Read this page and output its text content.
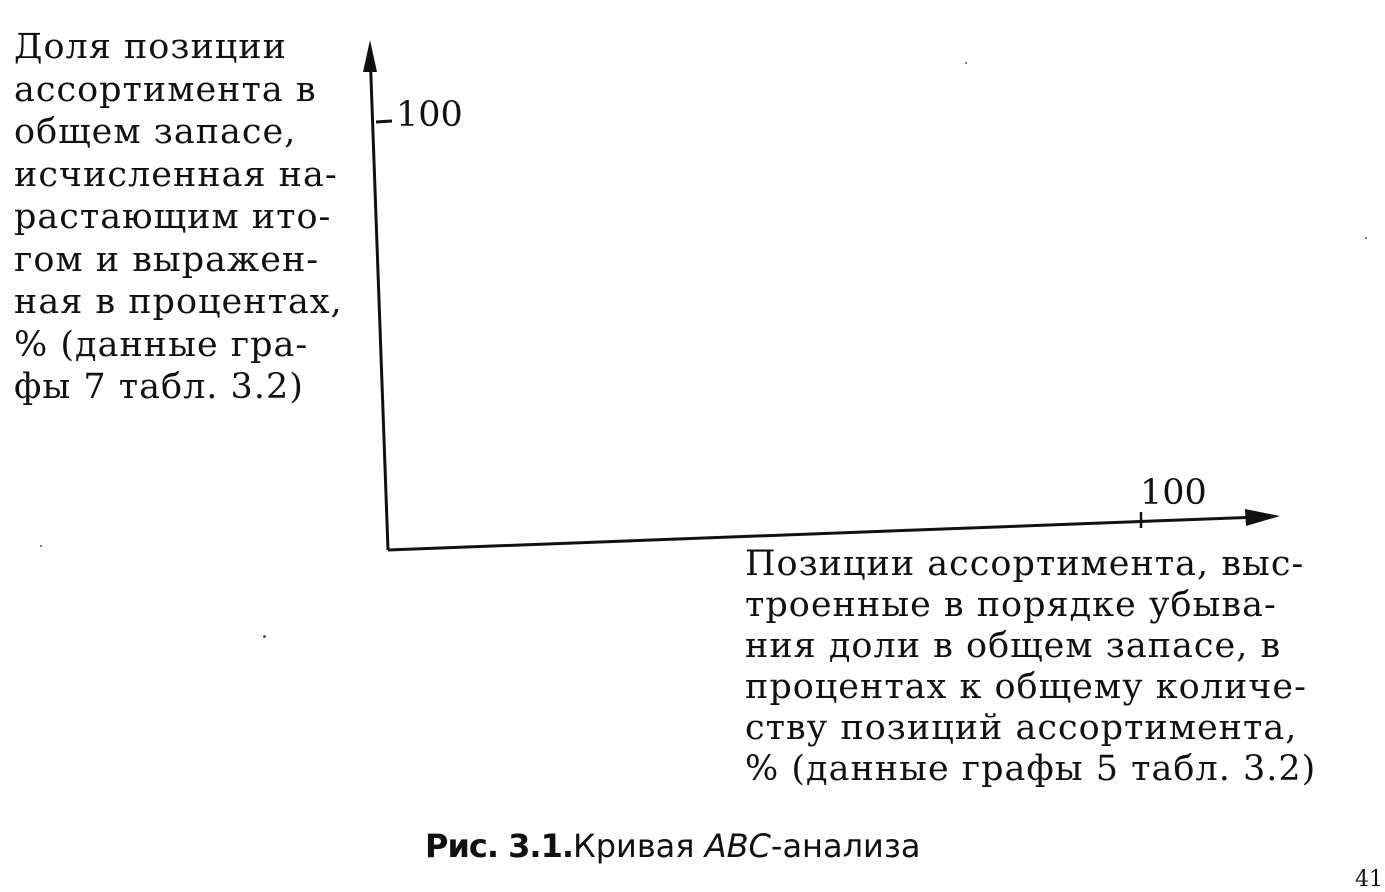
100
100
Доля позиции
ассортимента в
общем запасе,
исчисленная на-
растающим ито-
гом и выражен-
ная в процентах,
% (данные гра-
фы 7 табл. 3.2)
Позиции ассортимента, выс-
троенные в порядке убыва-
ния доли в общем запасе, в
процентах к общему количе-
ству позиций ассортимента,
% (данные графы 5 табл. 3.2)
Рис. 3.1.Кривая ABC-анализа
41
